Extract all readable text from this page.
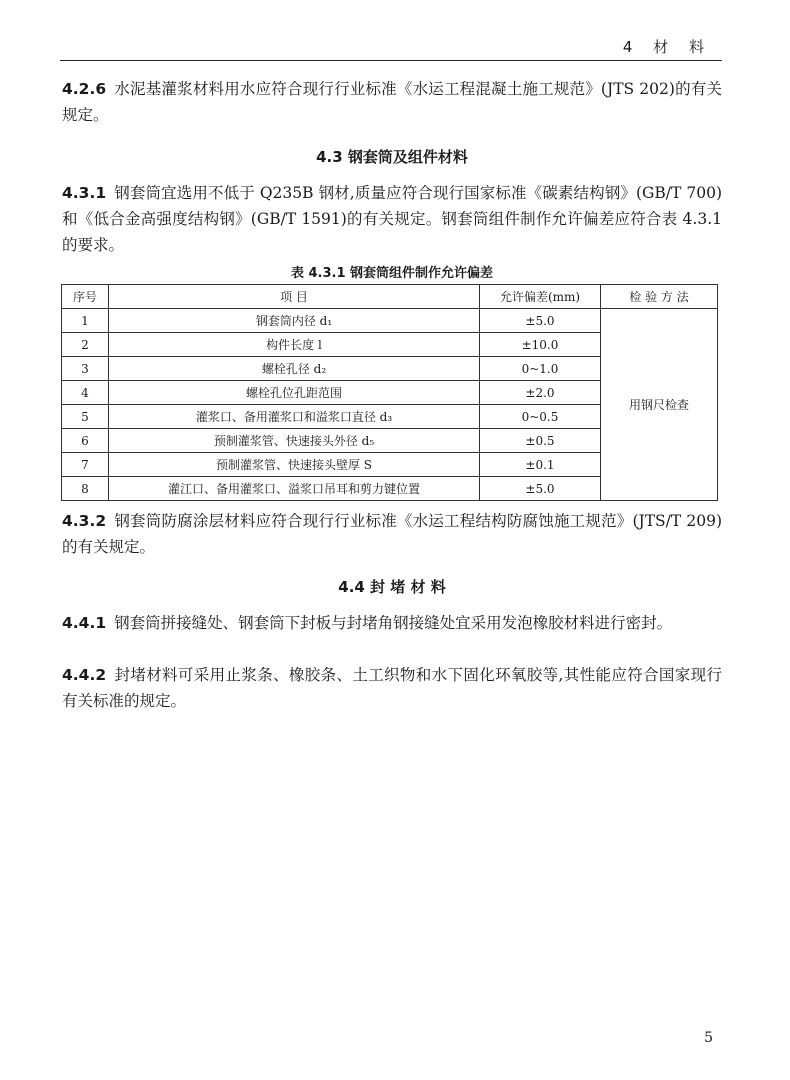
4 材 料
4.2.6 水泥基灌浆材料用水应符合现行行业标准《水运工程混凝土施工规范》(JTS 202)的有关规定。
4.3 钢套筒及组件材料
4.3.1 钢套筒宜选用不低于 Q235B 钢材,质量应符合现行国家标准《碳素结构钢》(GB/T 700)和《低合金高强度结构钢》(GB/T 1591)的有关规定。钢套筒组件制作允许偏差应符合表 4.3.1 的要求。
表 4.3.1 钢套筒组件制作允许偏差
序号	项 目	允许偏差(mm)	检 验 方 法
1	钢套筒内径 d₁	±5.0	用钢尺检查
2	构件长度 l	±10.0	
3	螺栓孔径 d₂	0~1.0	
4	螺栓孔位孔距范围	±2.0	
5	灌浆口、备用灌浆口和溢浆口直径 d₃	0~0.5	
6	预制灌浆管、快速接头外径 d₅	±0.5	
7	预制灌浆管、快速接头壁厚 S	±0.1	
8	灌江口、备用灌浆口、溢浆口吊耳和剪力键位置	±5.0	
4.3.2 钢套筒防腐涂层材料应符合现行行业标准《水运工程结构防腐蚀施工规范》(JTS/T 209)的有关规定。
4.4 封 堵 材 料
4.4.1 钢套筒拼接缝处、钢套筒下封板与封堵角钢接缝处宜采用发泡橡胶材料进行密封。
4.4.2 封堵材料可采用止浆条、橡胶条、土工织物和水下固化环氧胶等,其性能应符合国家现行有关标准的规定。
5
